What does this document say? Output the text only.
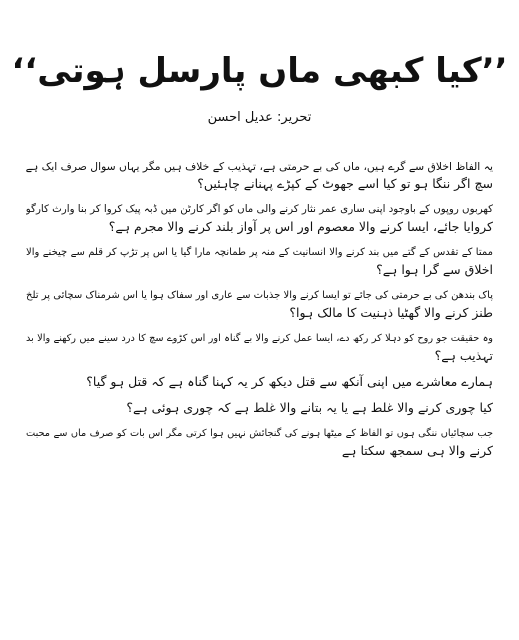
’’کیا کبھی ماں پارسل ہوتی‘‘
تحریر: عدیل احسن
یہ الفاظ اخلاق سے گرے ہیں، ماں کی بے حرمتی ہے، تہذیب کے خلاف ہیں مگر یہاں سوال صرف ایک ہے
سچ اگر ننگا ہو تو کیا اسے جھوٹ کے کپڑے پہنانے چاہئیں؟
کھربوں روپوں کے باوجود اپنی ساری عمر نثار کرنے والی ماں کو اگر کارٹن میں ڈبہ پیک کروا کر بنا وارث کارگو
کروایا جائے، ایسا کرنے والا معصوم اور اس پر آواز بلند کرنے والا مجرم ہے؟
ممتا کے تقدس کے گتے میں بند کرنے والا انسانیت کے منہ پر طمانچہ مارا گیا یا اس پر تڑپ کر قلم سے چیخنے والا
اخلاق سے گرا ہوا ہے؟
پاک بندھن کی بے حرمتی کی جائے تو ایسا کرنے والا جذبات سے عاری اور سفاک ہوا یا اس شرمناک سچائی پر تلخ
طنز کرنے والا گھٹیا ذہنیت کا مالک ہوا؟
وہ حقیقت جو روح کو دہلا کر رکھ دے، ایسا عمل کرنے والا بے گناہ اور اس کڑوے سچ کا درد سینے میں رکھنے والا بد
تہذیب ہے؟
ہمارے معاشرے میں اپنی آنکھ سے قتل دیکھ کر یہ کہنا گناہ ہے کہ قتل ہو گیا؟
کیا چوری کرنے والا غلط ہے یا یہ بتانے والا غلط ہے کہ چوری ہوئی ہے؟
جب سچائیاں ننگی ہوں تو الفاظ کے میٹھا ہونے کی گنجائش نہیں ہوا کرتی مگر اس بات کو صرف ماں سے محبت
کرنے والا ہی سمجھ سکتا ہے
